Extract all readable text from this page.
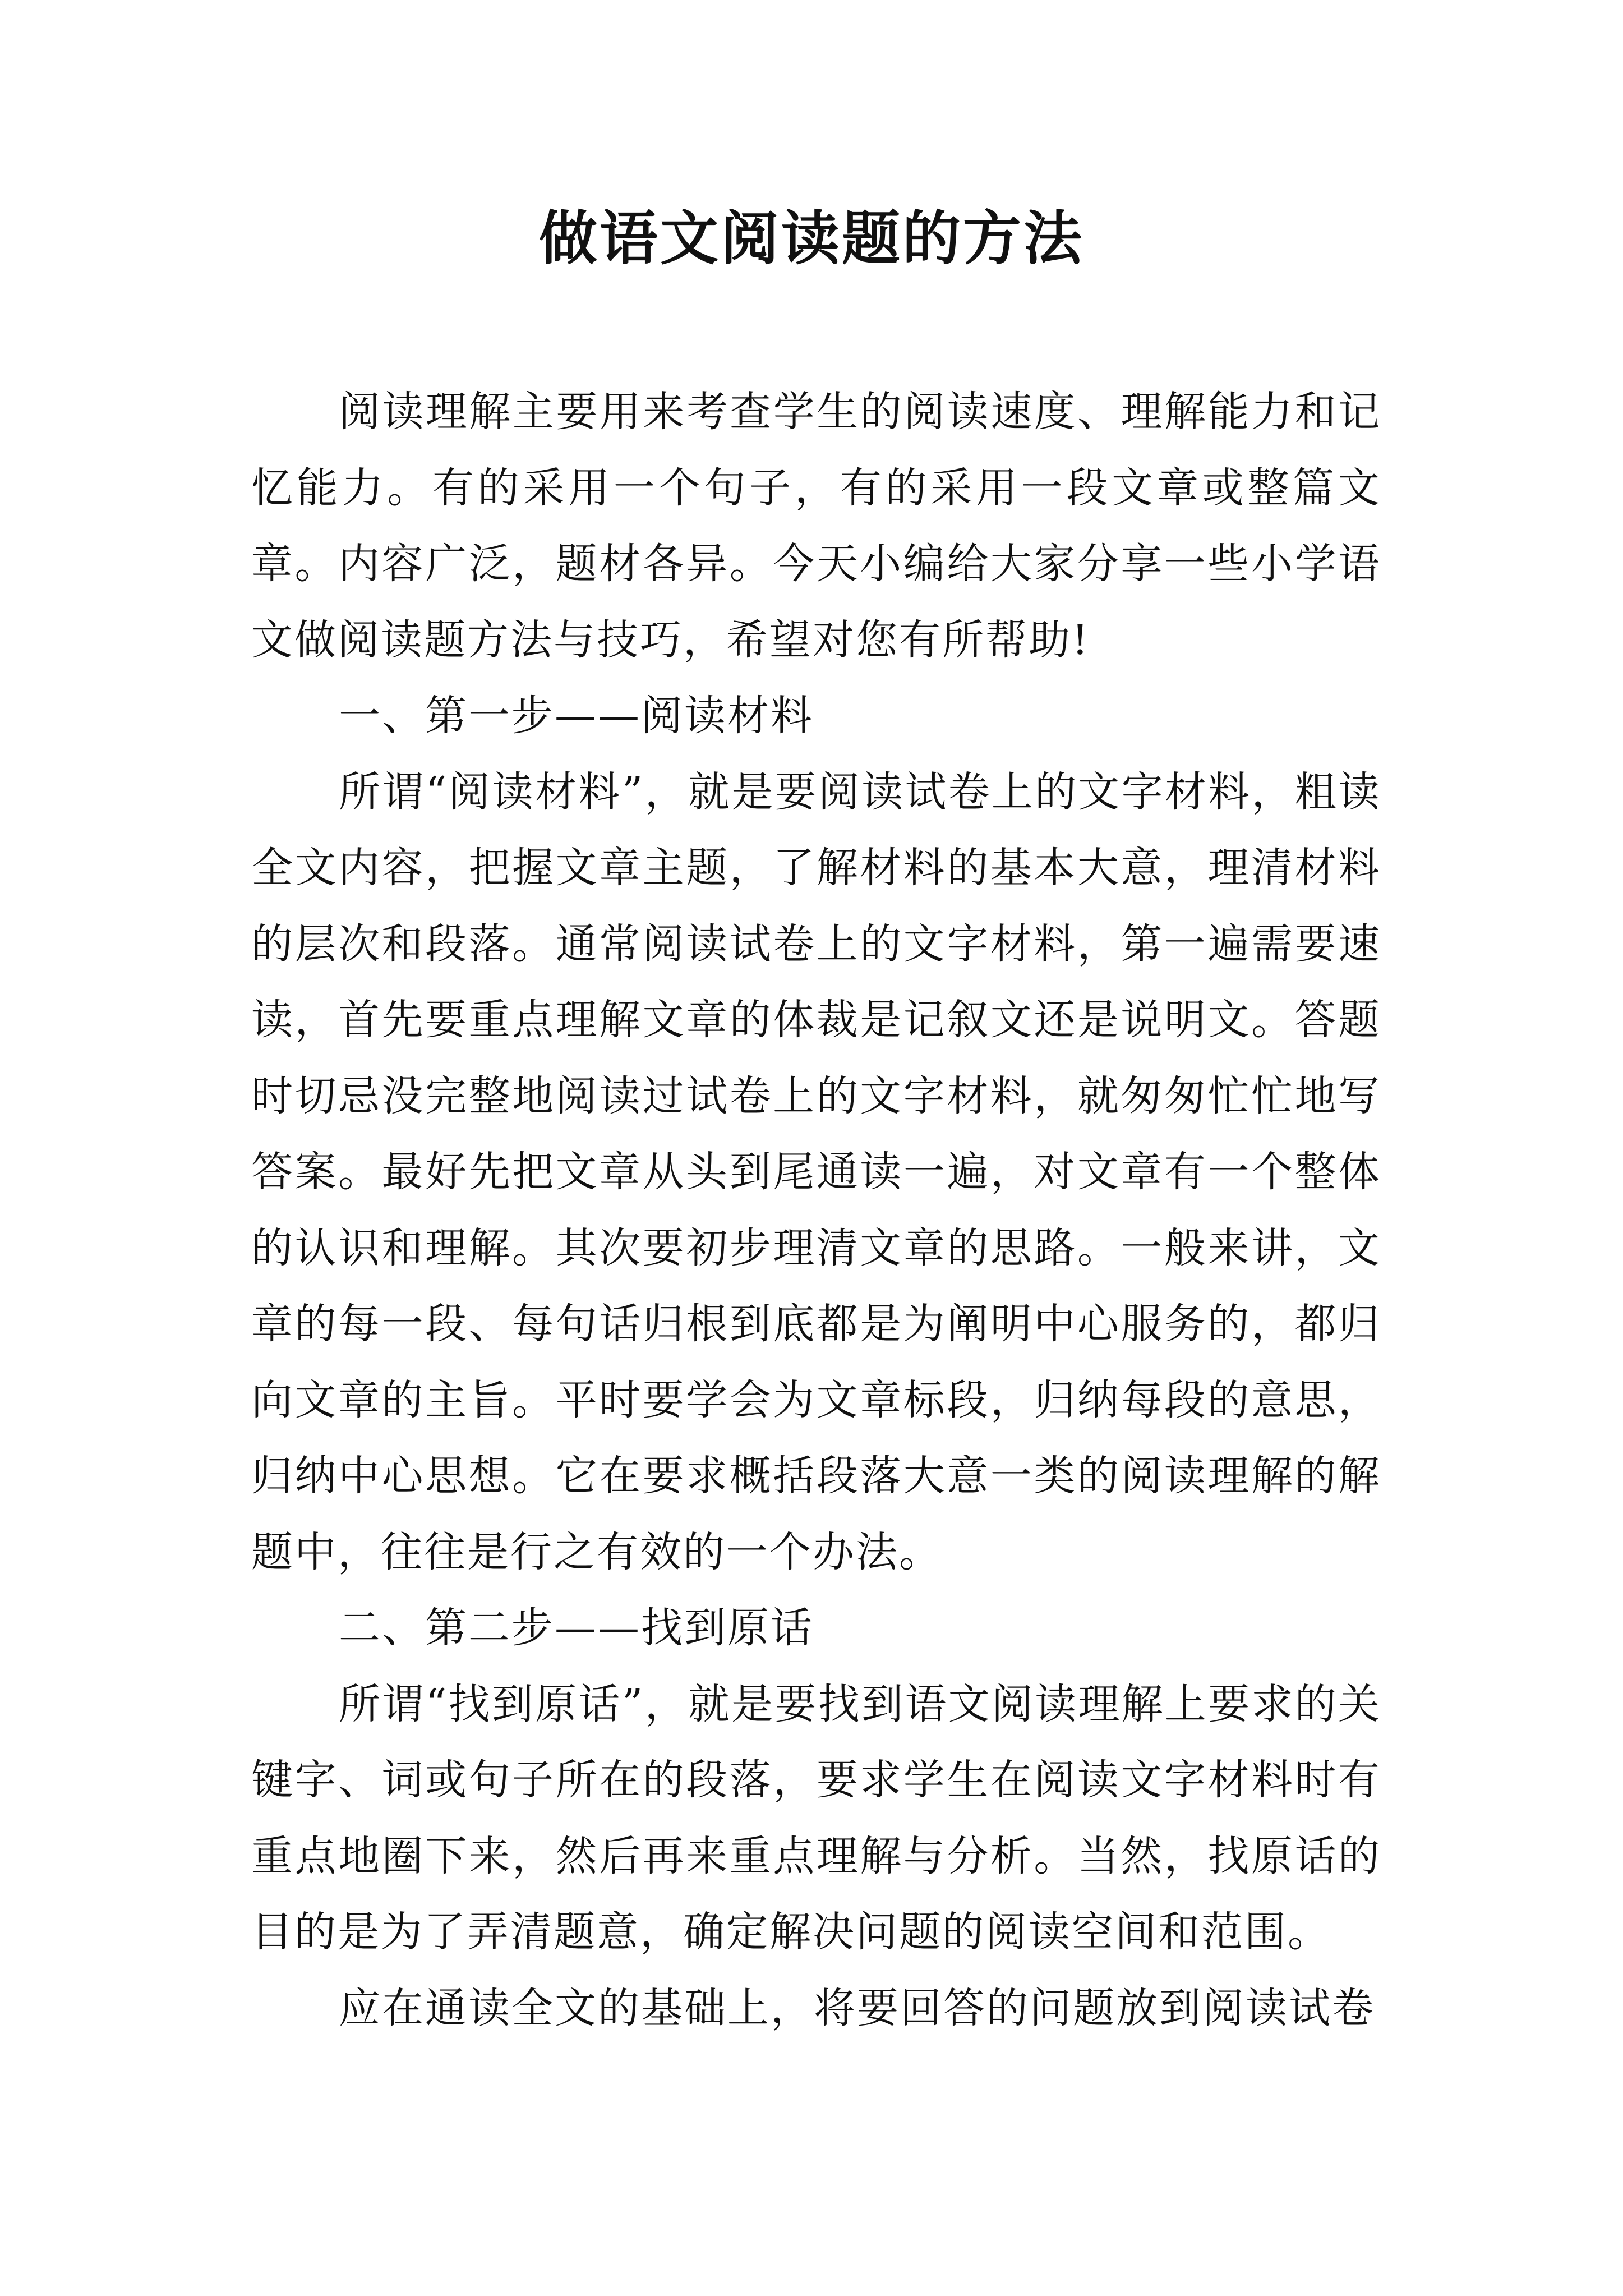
做语文阅读题的方法

阅读理解主要用来考查学生的阅读速度、理解能力和记忆能力。有的采用一个句子，有的采用一段文章或整篇文章。内容广泛，题材各异。今天小编给大家分享一些小学语文做阅读题方法与技巧，希望对您有所帮助!

一、第一步——阅读材料

所谓“阅读材料”，就是要阅读试卷上的文字材料，粗读全文内容，把握文章主题，了解材料的基本大意，理清材料的层次和段落。通常阅读试卷上的文字材料，第一遍需要速读，首先要重点理解文章的体裁是记叙文还是说明文。答题时切忌没完整地阅读过试卷上的文字材料，就匆匆忙忙地写答案。最好先把文章从头到尾通读一遍，对文章有一个整体的认识和理解。其次要初步理清文章的思路。一般来讲，文章的每一段、每句话归根到底都是为阐明中心服务的，都归向文章的主旨。平时要学会为文章标段，归纳每段的意思，归纳中心思想。它在要求概括段落大意一类的阅读理解的解题中，往往是行之有效的一个办法。

二、第二步——找到原话

所谓“找到原话”，就是要找到语文阅读理解上要求的关键字、词或句子所在的段落，要求学生在阅读文字材料时有重点地圈下来，然后再来重点理解与分析。当然，找原话的目的是为了弄清题意，确定解决问题的阅读空间和范围。

应在通读全文的基础上，将要回答的问题放到阅读试卷
